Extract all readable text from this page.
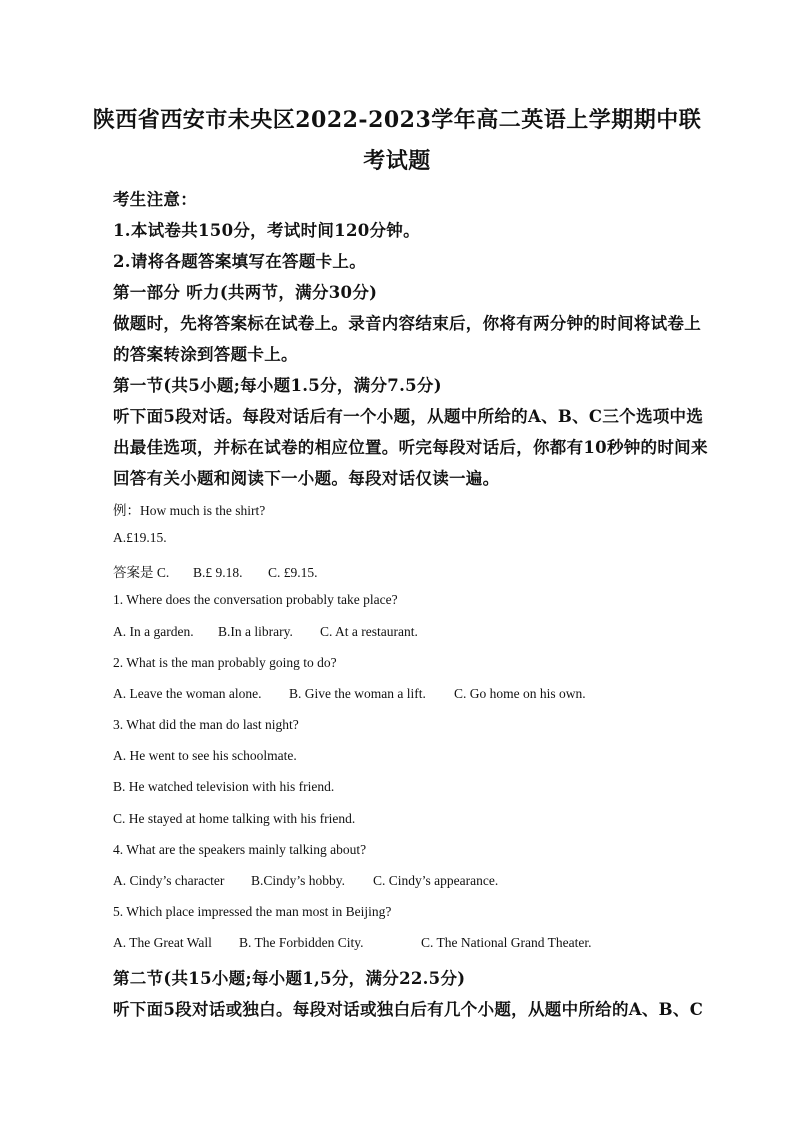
陕西省西安市未央区2022-2023学年高二英语上学期期中联
考试题
考生注意：
1.本试卷共150分，考试时间120分钟。
2.请将各题答案填写在答题卡上。
第一部分 听力(共两节，满分30分)
做题时，先将答案标在试卷上。录音内容结束后，你将有两分钟的时间将试卷上
的答案转涂到答题卡上。
第一节(共5小题;每小题1.5分，满分7.5分)
听下面5段对话。每段对话后有一个小题，从题中所给的A、B、C三个选项中选
出最佳选项，并标在试卷的相应位置。听完每段对话后，你都有10秒钟的时间来
回答有关小题和阅读下一小题。每段对话仅读一遍。
例：How much is the shirt?
A.£19.15.
答案是 C. B.£ 9.18. C. £9.15.
1. Where does the conversation probably take place?
A. In a garden. B.In a library. C. At a restaurant.
2. What is the man probably going to do?
A. Leave the woman alone. B. Give the woman a lift. C. Go home on his own.
3. What did the man do last night?
A. He went to see his schoolmate.
B. He watched television with his friend.
C. He stayed at home talking with his friend.
4. What are the speakers mainly talking about?
A. Cindy’s character B.Cindy’s hobby. C. Cindy’s appearance.
5. Which place impressed the man most in Beijing?
A. The Great Wall B. The Forbidden City.	C. The National Grand Theater.
第二节(共15小题;每小题1,5分，满分22.5分)
听下面5段对话或独白。每段对话或独白后有几个小题，从题中所给的A、B、C
